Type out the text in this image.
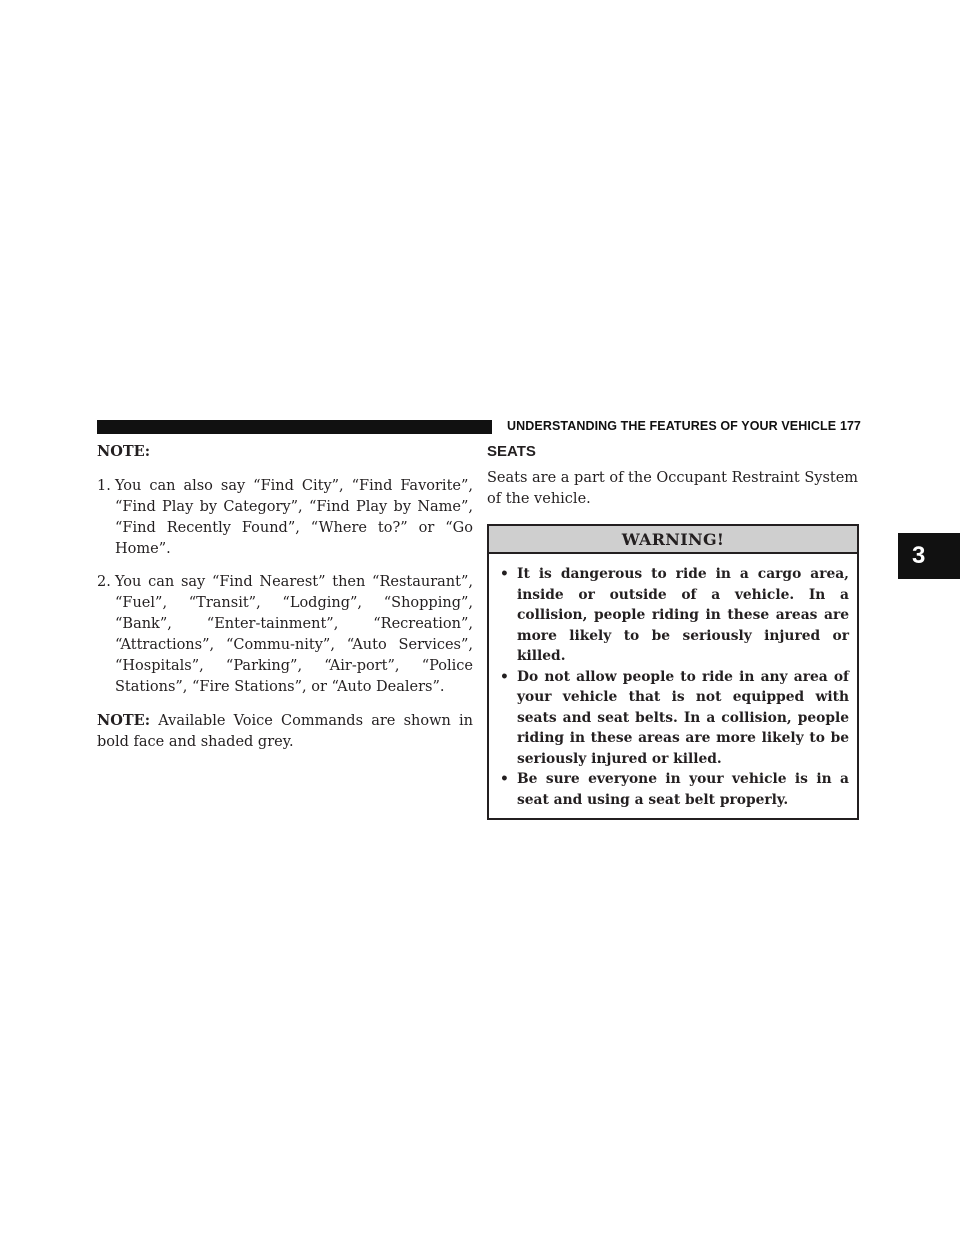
UNDERSTANDING THE FEATURES OF YOUR VEHICLE 177
3

NOTE:

1. You can also say “Find City”, “Find Favorite”, “Find Play by Category”, “Find Play by Name”, “Find Recently Found”, “Where to?” or “Go Home”.
2. You can say “Find Nearest” then “Restaurant”, “Fuel”, “Transit”, “Lodging”, “Shopping”, “Bank”, “Enter-tainment”, “Recreation”, “Attractions”, “Commu-nity”, “Auto Services”, “Hospitals”, “Parking”, “Air-port”, “Police Stations”, “Fire Stations”, or “Auto Dealers”.

NOTE: Available Voice Commands are shown in bold face and shaded grey.

SEATS

Seats are a part of the Occupant Restraint System of the vehicle.

WARNING!
• It is dangerous to ride in a cargo area, inside or outside of a vehicle. In a collision, people riding in these areas are more likely to be seriously injured or killed.
• Do not allow people to ride in any area of your vehicle that is not equipped with seats and seat belts. In a collision, people riding in these areas are more likely to be seriously injured or killed.
• Be sure everyone in your vehicle is in a seat and using a seat belt properly.
